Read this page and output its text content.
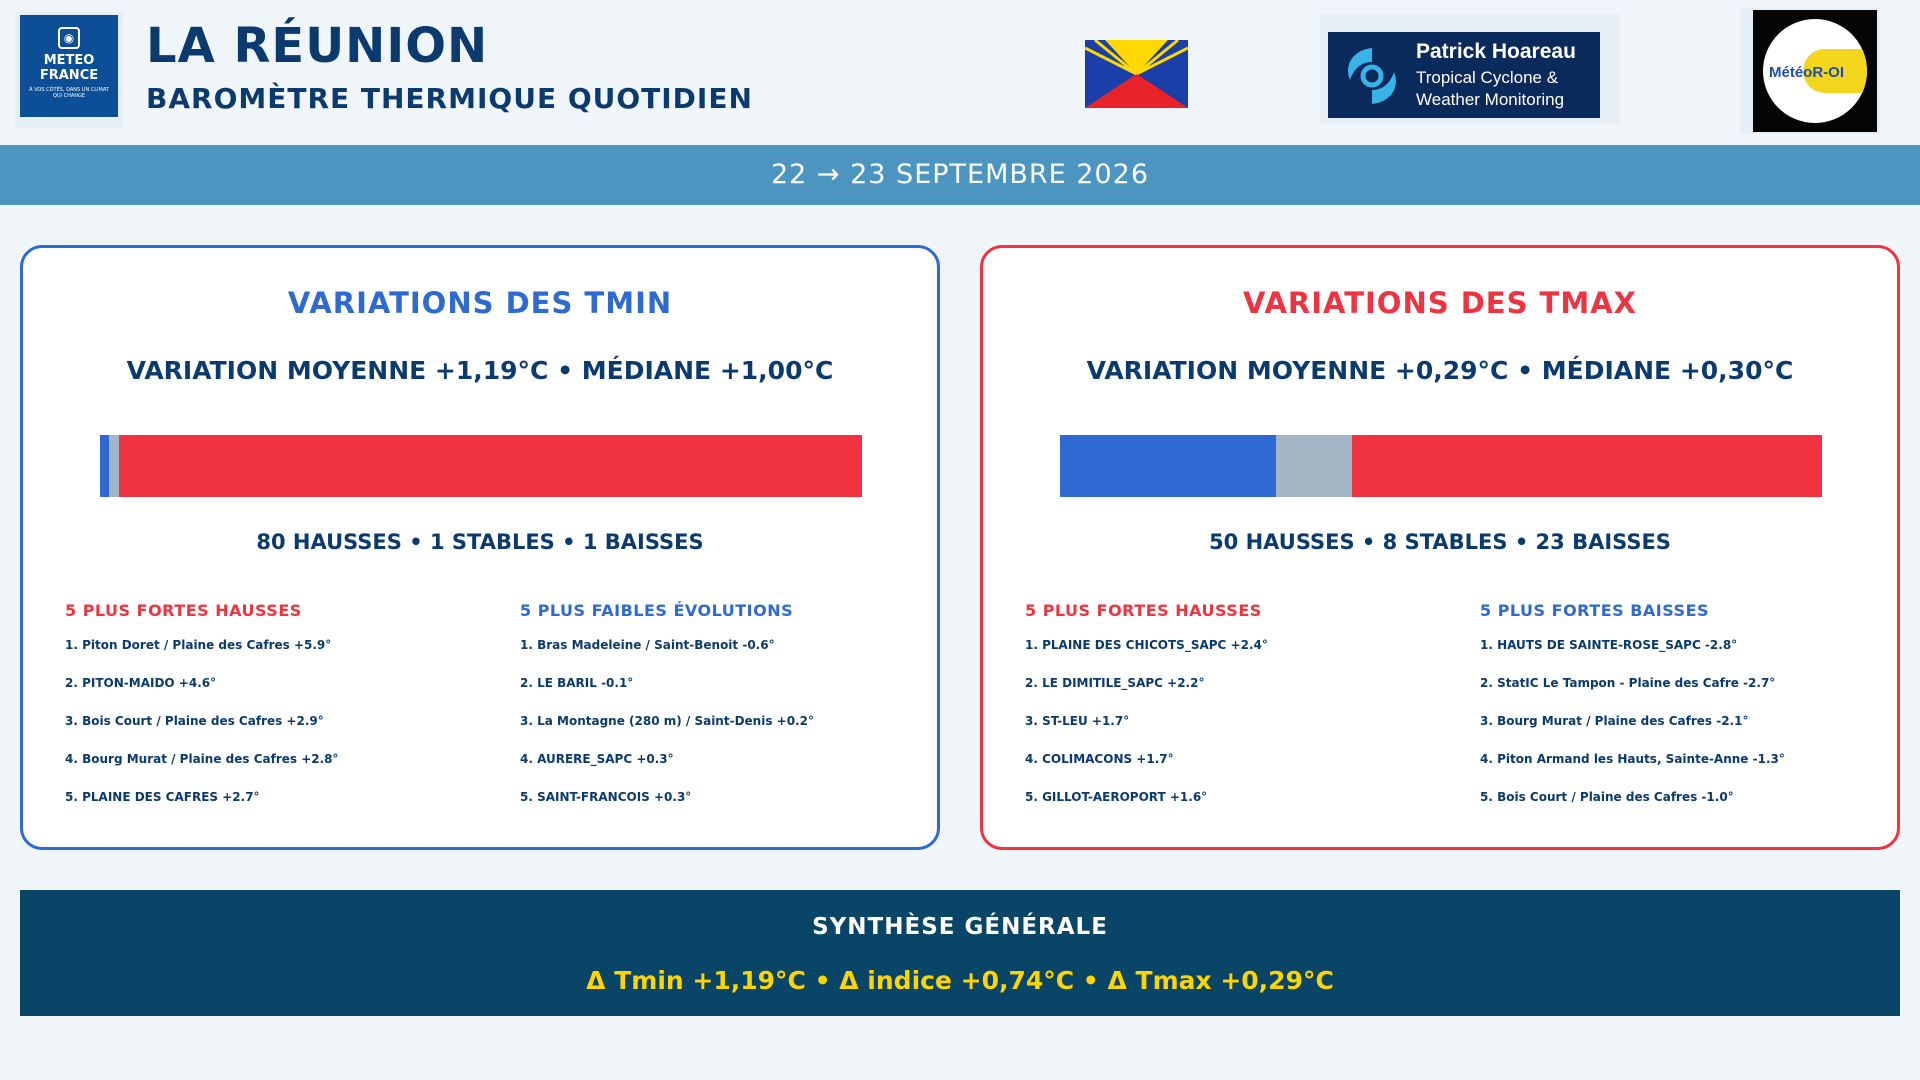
◉
METEO
FRANCE
À VOS CÔTÉS, DANS UN CLIMAT QUI CHANGE
LA RÉUNION
BAROMÈTRE THERMIQUE QUOTIDIEN
Patrick Hoareau
Tropical Cyclone &
Weather Monitoring
MétéoR-OI
22 → 23 SEPTEMBRE 2026
VARIATIONS DES TMIN
VARIATION MOYENNE +1,19°C • MÉDIANE +1,00°C
80 HAUSSES • 1 STABLES • 1 BAISSES
5 PLUS FORTES HAUSSES
1. Piton Doret / Plaine des Cafres +5.9°
2. PITON-MAIDO +4.6°
3. Bois Court / Plaine des Cafres +2.9°
4. Bourg Murat / Plaine des Cafres +2.8°
5. PLAINE DES CAFRES +2.7°
5 PLUS FAIBLES ÉVOLUTIONS
1. Bras Madeleine / Saint-Benoit -0.6°
2. LE BARIL -0.1°
3. La Montagne (280 m) / Saint-Denis +0.2°
4. AURERE_SAPC +0.3°
5. SAINT-FRANCOIS +0.3°
VARIATIONS DES TMAX
VARIATION MOYENNE +0,29°C • MÉDIANE +0,30°C
50 HAUSSES • 8 STABLES • 23 BAISSES
5 PLUS FORTES HAUSSES
1. PLAINE DES CHICOTS_SAPC +2.4°
2. LE DIMITILE_SAPC +2.2°
3. ST-LEU +1.7°
4. COLIMACONS +1.7°
5. GILLOT-AEROPORT +1.6°
5 PLUS FORTES BAISSES
1. HAUTS DE SAINTE-ROSE_SAPC -2.8°
2. StatIC Le Tampon - Plaine des Cafre -2.7°
3. Bourg Murat / Plaine des Cafres -2.1°
4. Piton Armand les Hauts, Sainte-Anne -1.3°
5. Bois Court / Plaine des Cafres -1.0°
SYNTHÈSE GÉNÉRALE
Δ Tmin +1,19°C • Δ indice +0,74°C • Δ Tmax +0,29°C
